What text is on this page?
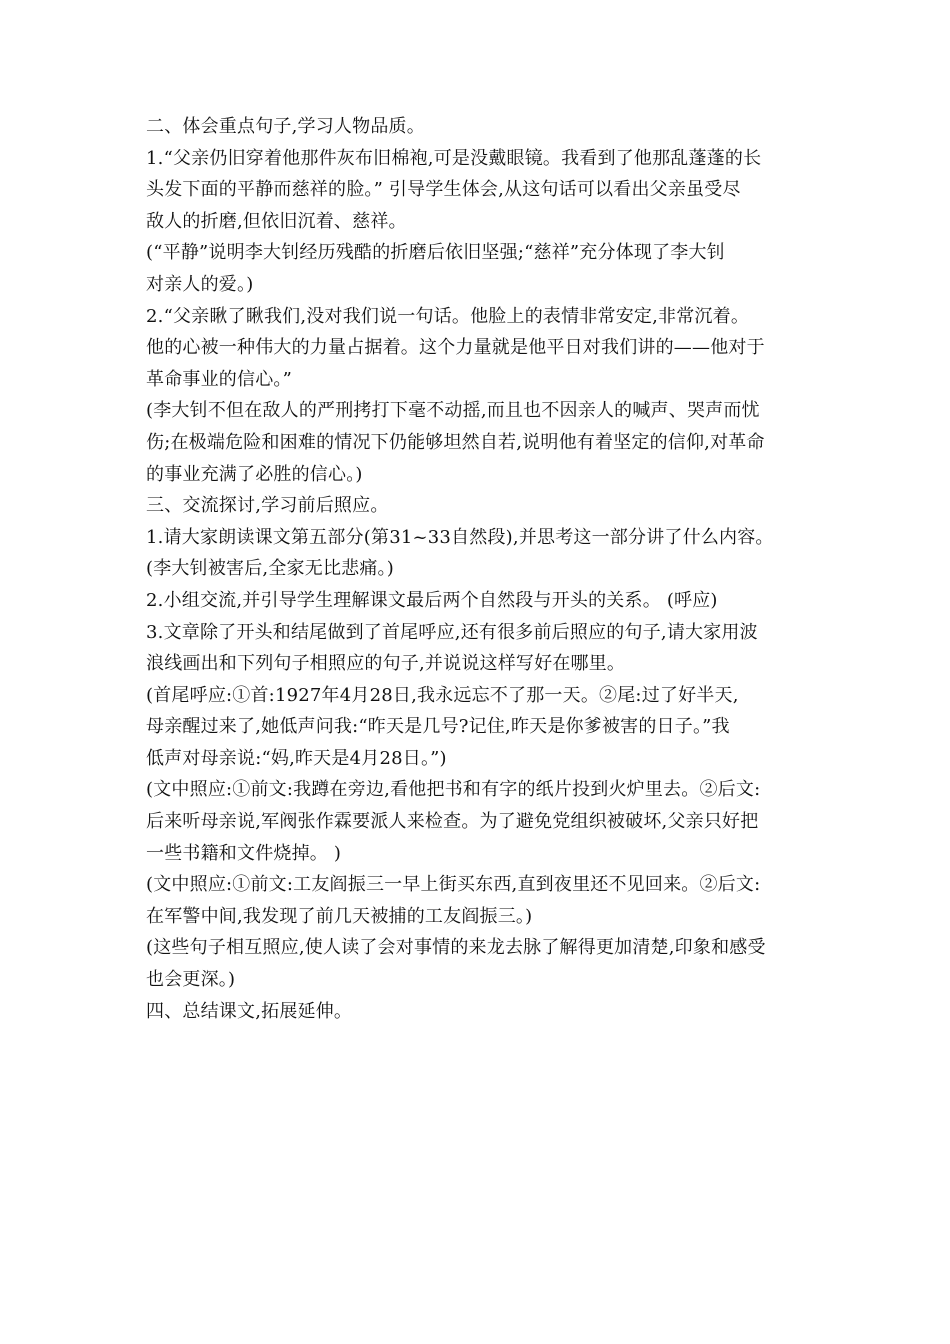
二、体会重点句子,学习人物品质。
1.“父亲仍旧穿着他那件灰布旧棉袍,可是没戴眼镜。我看到了他那乱蓬蓬的长
头发下面的平静而慈祥的脸。” 引导学生体会,从这句话可以看出父亲虽受尽
敌人的折磨,但依旧沉着、慈祥。
(“平静”说明李大钊经历残酷的折磨后依旧坚强;“慈祥”充分体现了李大钊
对亲人的爱。)
2.“父亲瞅了瞅我们,没对我们说一句话。他脸上的表情非常安定,非常沉着。
他的心被一种伟大的力量占据着。这个力量就是他平日对我们讲的——他对于
革命事业的信心。”
(李大钊不但在敌人的严刑拷打下毫不动摇,而且也不因亲人的喊声、哭声而忧
伤;在极端危险和困难的情况下仍能够坦然自若,说明他有着坚定的信仰,对革命
的事业充满了必胜的信心。)
三、交流探讨,学习前后照应。
1.请大家朗读课文第五部分(第31~33自然段),并思考这一部分讲了什么内容。
(李大钊被害后,全家无比悲痛。)
2.小组交流,并引导学生理解课文最后两个自然段与开头的关系。 (呼应)
3.文章除了开头和结尾做到了首尾呼应,还有很多前后照应的句子,请大家用波
浪线画出和下列句子相照应的句子,并说说这样写好在哪里。
(首尾呼应:①首:1927年4月28日,我永远忘不了那一天。②尾:过了好半天,
母亲醒过来了,她低声问我:“昨天是几号?记住,昨天是你爹被害的日子。”我
低声对母亲说:“妈,昨天是4月28日。”)
(文中照应:①前文:我蹲在旁边,看他把书和有字的纸片投到火炉里去。②后文:
后来听母亲说,军阀张作霖要派人来检查。为了避免党组织被破坏,父亲只好把
一些书籍和文件烧掉。 )
(文中照应:①前文:工友阎振三一早上街买东西,直到夜里还不见回来。②后文:
在军警中间,我发现了前几天被捕的工友阎振三。)
(这些句子相互照应,使人读了会对事情的来龙去脉了解得更加清楚,印象和感受
也会更深。)
四、总结课文,拓展延伸。
